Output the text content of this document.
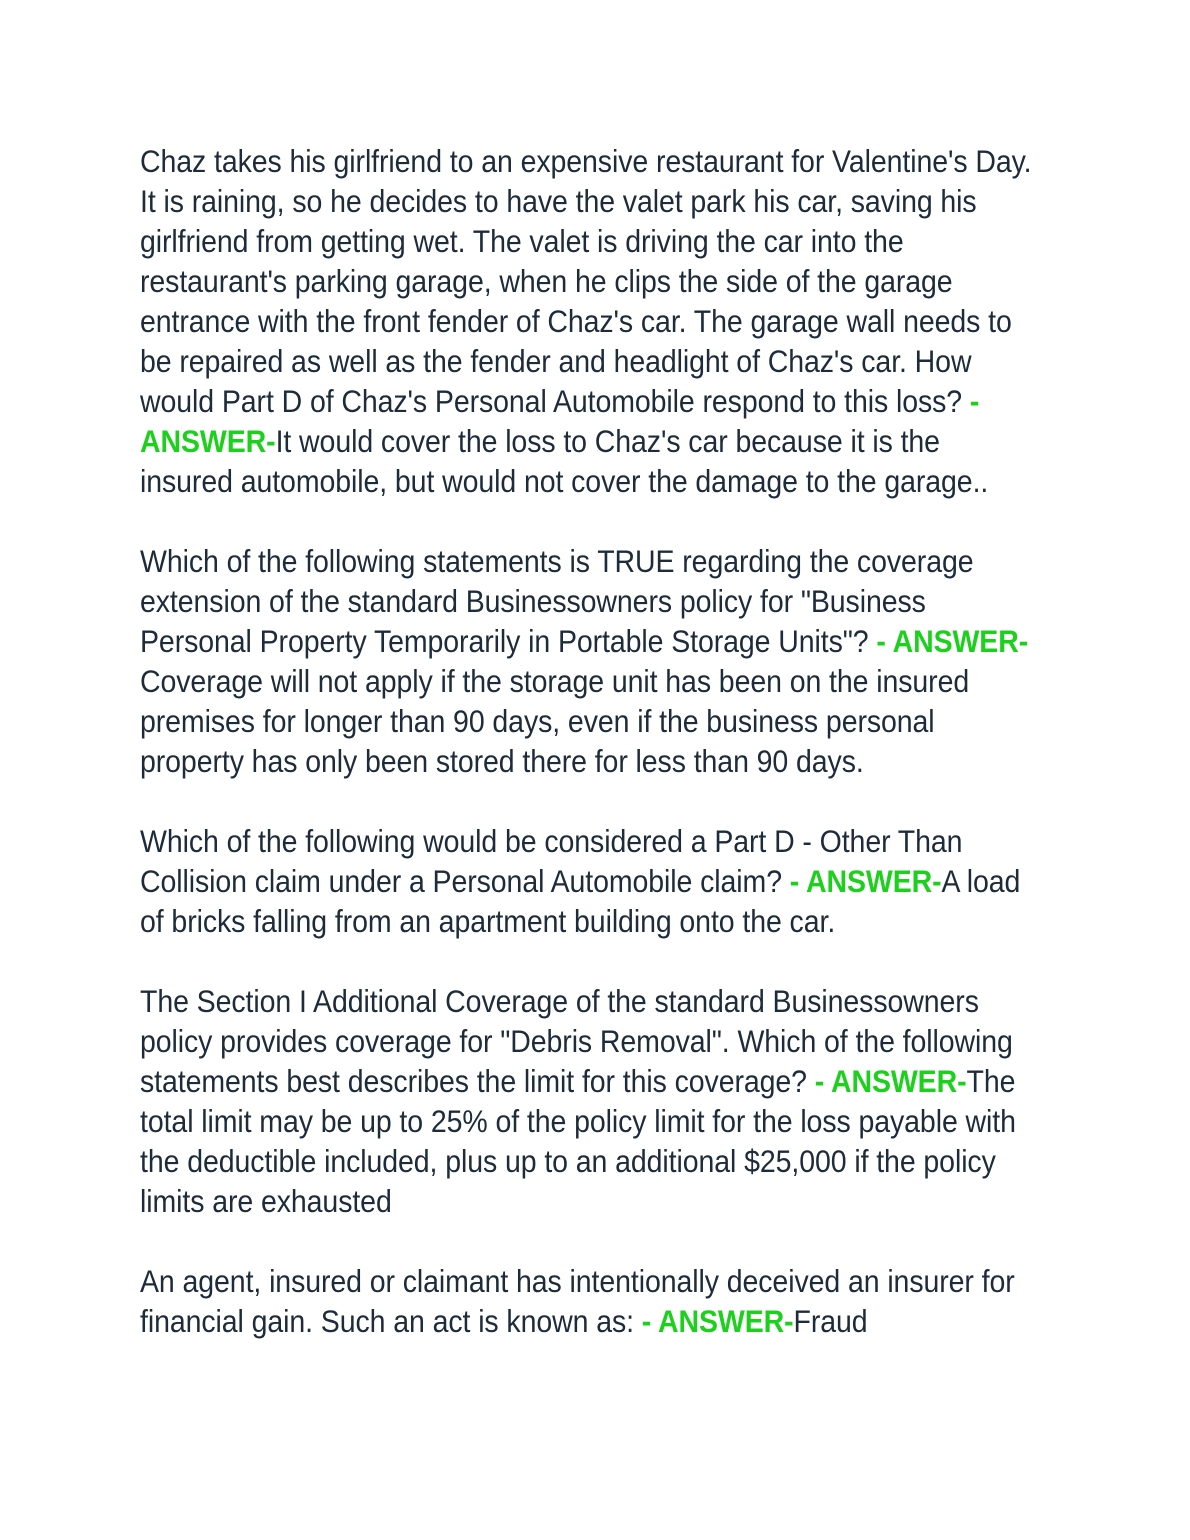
Chaz takes his girlfriend to an expensive restaurant for Valentine's Day.
It is raining, so he decides to have the valet park his car, saving his
girlfriend from getting wet. The valet is driving the car into the
restaurant's parking garage, when he clips the side of the garage
entrance with the front fender of Chaz's car. The garage wall needs to
be repaired as well as the fender and headlight of Chaz's car. How
would Part D of Chaz's Personal Automobile respond to this loss? -
ANSWER-It would cover the loss to Chaz's car because it is the
insured automobile, but would not cover the damage to the garage..
Which of the following statements is TRUE regarding the coverage
extension of the standard Businessowners policy for "Business
Personal Property Temporarily in Portable Storage Units"? - ANSWER-
Coverage will not apply if the storage unit has been on the insured
premises for longer than 90 days, even if the business personal
property has only been stored there for less than 90 days.
Which of the following would be considered a Part D - Other Than
Collision claim under a Personal Automobile claim? - ANSWER-A load
of bricks falling from an apartment building onto the car.
The Section I Additional Coverage of the standard Businessowners
policy provides coverage for "Debris Removal". Which of the following
statements best describes the limit for this coverage? - ANSWER-The
total limit may be up to 25% of the policy limit for the loss payable with
the deductible included, plus up to an additional $25,000 if the policy
limits are exhausted
An agent, insured or claimant has intentionally deceived an insurer for
financial gain. Such an act is known as: - ANSWER-Fraud
